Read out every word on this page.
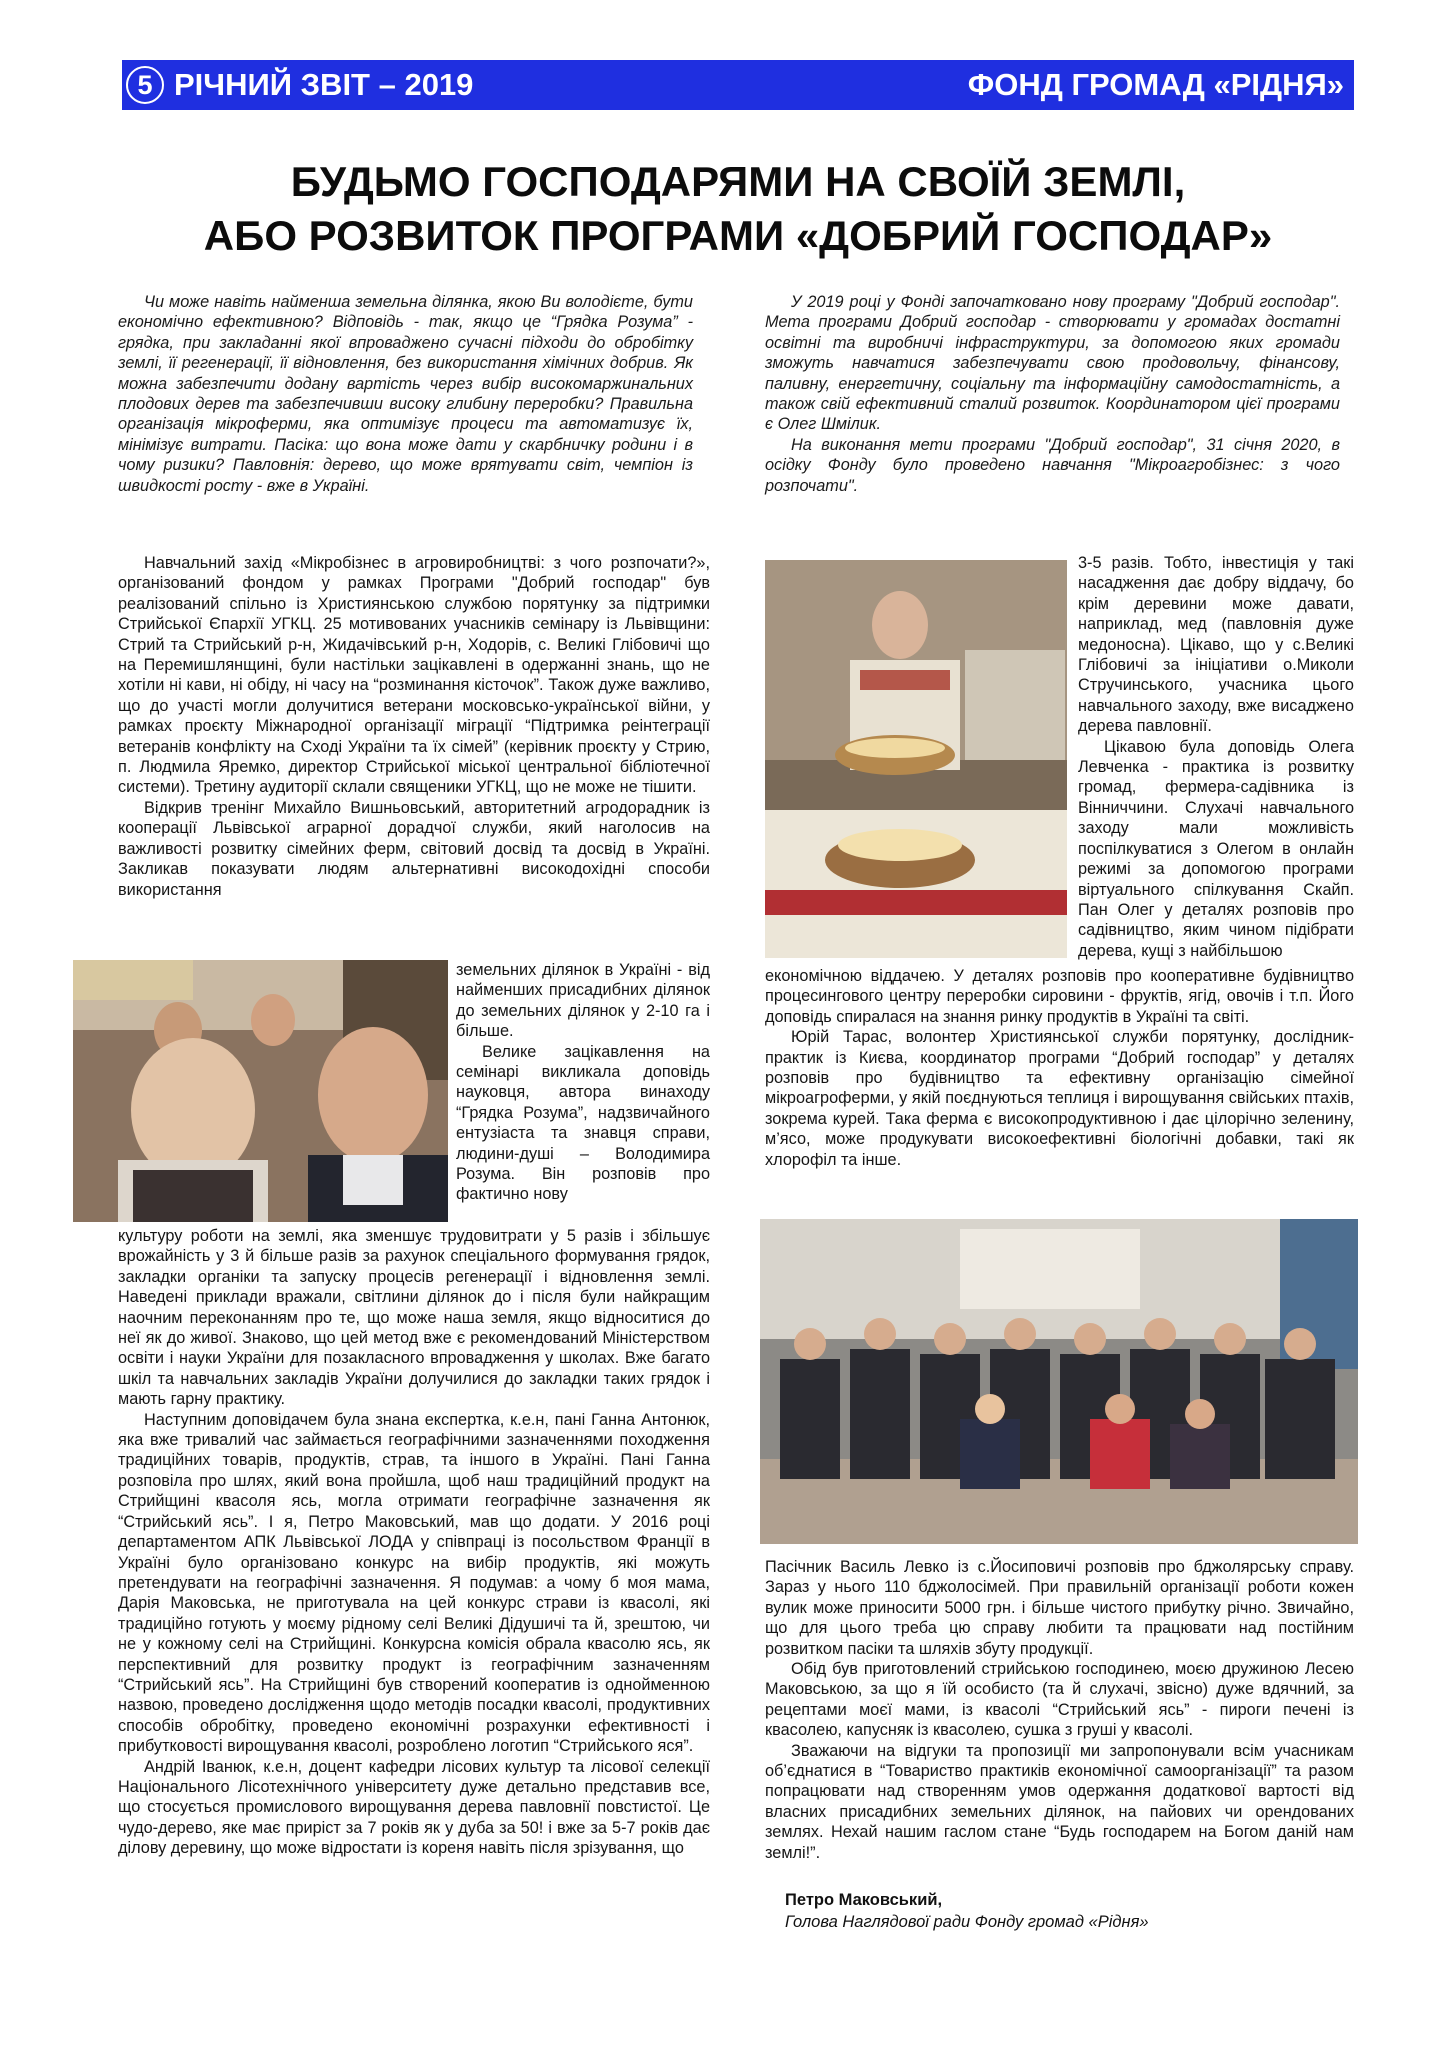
5 РІЧНИЙ ЗВІТ – 2019	ФОНД ГРОМАД «РІДНЯ»
БУДЬМО ГОСПОДАРЯМИ НА СВОЇЙ ЗЕМЛІ,
АБО РОЗВИТОК ПРОГРАМИ «ДОБРИЙ ГОСПОДАР»

Чи може навіть найменша земельна ділянка, якою Ви володієте, бути економічно ефективною? Відповідь - так, якщо це “Грядка Розума” - грядка, при закладанні якої впроваджено сучасні підходи до обробітку землі, її регенерації, її відновлення, без використання хімічних добрив. Як можна забезпечити додану вартість через вибір високомаржинальних плодових дерев та забезпечивши високу глибину переробки? Правильна організація мікроферми, яка оптимізує процеси та автоматизує їх, мінімізує витрати. Пасіка: що вона може дати у скарбничку родини і в чому ризики? Павловнія: дерево, що може врятувати світ, чемпіон із швидкості росту - вже в Україні.

У 2019 році у Фонді започатковано нову програму "Добрий господар". Мета програми Добрий господар - створювати у громадах достатні освітні та виробничі інфраструктури, за допомогою яких громади зможуть навчатися забезпечувати свою продовольчу, фінансову, паливну, енергетичну, соціальну та інформаційну самодостатність, а також свій ефективний сталий розвиток. Координатором цієї програми є Олег Шмілик.

На виконання мети програми "Добрий господар", 31 січня 2020, в осідку Фонду було проведено навчання "Мікроагробізнес: з чого розпочати".

Навчальний захід «Мікробізнес в агровиробництві: з чого розпочати?», організований фондом у рамках Програми "Добрий господар" був реалізований спільно із Християнською службою порятунку за підтримки Стрийської Єпархії УГКЦ. 25 мотивованих учасників семінару із Львівщини: Стрий та Стрийський р-н, Жидачівський р-н, Ходорів, с. Великі Глібовичі що на Перемишлянщині, були настільки зацікавлені в одержанні знань, що не хотіли ні кави, ні обіду, ні часу на “розминання кісточок”. Також дуже важливо, що до участі могли долучитися ветерани московсько-української війни, у рамках проєкту Міжнародної організації міграції “Підтримка реінтеграції ветеранів конфлікту на Сході України та їх сімей” (керівник проєкту у Стрию, п. Людмила Яремко, директор Стрийської міської центральної бібліотечної системи). Третину аудиторії склали священики УГКЦ, що не може не тішити.

Відкрив тренінг Михайло Вишньовський, авторитетний агродорадник із кооперації Львівської аграрної дорадчої служби, який наголосив на важливості розвитку сімейних ферм, світовий досвід та досвід в Україні. Закликав показувати людям альтернативні високодохідні способи використання

земельних ділянок в Україні - від найменших присадибних ділянок до земельних ділянок у 2-10 га і більше.

Велике зацікавлення на семінарі викликала доповідь науковця, автора винаходу “Грядка Розума”, надзвичайного ентузіаста та знавця справи, людини-душі – Володимира Розума. Він розповів про фактично нову

культуру роботи на землі, яка зменшує трудовитрати у 5 разів і збільшує врожайність у 3 й більше разів за рахунок спеціального формування грядок, закладки органіки та запуску процесів регенерації і відновлення землі. Наведені приклади вражали, світлини ділянок до і після були найкращим наочним переконанням про те, що може наша земля, якщо відноситися до неї як до живої. Знаково, що цей метод вже є рекомендований Міністерством освіти і науки України для позакласного впровадження у школах. Вже багато шкіл та навчальних закладів України долучилися до закладки таких грядок і мають гарну практику.

Наступним доповідачем була знана експертка, к.е.н, пані Ганна Антонюк, яка вже тривалий час займається географічними зазначеннями походження традиційних товарів, продуктів, страв, та іншого в Україні. Пані Ганна розповіла про шлях, який вона пройшла, щоб наш традиційний продукт на Стрийщині квасоля ясь, могла отримати географічне зазначення як “Стрийський ясь”. І я, Петро Маковський, мав що додати. У 2016 році департаментом АПК Львівської ЛОДА у співпраці із посольством Франції в Україні було організовано конкурс на вибір продуктів, які можуть претендувати на географічні зазначення. Я подумав: а чому б моя мама, Дарія Маковська, не приготувала на цей конкурс страви із квасолі, які традиційно готують у моєму рідному селі Великі Дідушичі та й, зрештою, чи не у кожному селі на Стрийщині. Конкурсна комісія обрала квасолю ясь, як перспективний для розвитку продукт із географічним зазначенням “Стрийський ясь”. На Стрийщині був створений кооператив із однойменною назвою, проведено дослідження щодо методів посадки квасолі, продуктивних способів обробітку, проведено економічні розрахунки ефективності і прибутковості вирощування квасолі, розроблено логотип “Стрийського яся”.

Андрій Іванюк, к.е.н, доцент кафедри лісових культур та лісової селекції Національного Лісотехнічного університету дуже детально представив все, що стосується промислового вирощування дерева павловнії повстистої. Це чудо-дерево, яке має приріст за 7 років як у дуба за 50! і вже за 5-7 років дає ділову деревину, що може відростати із кореня навіть після зрізування, що

3-5 разів. Тобто, інвестиція у такі насадження дає добру віддачу, бо крім деревини може давати, наприклад, мед (павловнія дуже медоносна). Цікаво, що у с.Великі Глібовичі за ініціативи о.Миколи Стручинського, учасника цього навчального заходу, вже висаджено дерева павловнії.

Цікавою була доповідь Олега Левченка - практика із розвитку громад, фермера-садівника із Вінниччини. Слухачі навчального заходу мали можливість поспілкуватися з Олегом в онлайн режимі за допомогою програми віртуального спілкування Скайп. Пан Олег у деталях розповів про садівництво, яким чином підібрати дерева, кущі з найбільшою

економічною віддачею. У деталях розповів про кооперативне будівництво процесингового центру переробки сировини - фруктів, ягід, овочів і т.п. Його доповідь спиралася на знання ринку продуктів в Україні та світі.

Юрій Тарас, волонтер Християнської служби порятунку, дослідник-практик із Києва, координатор програми “Добрий господар” у деталях розповів про будівництво та ефективну організацію сімейної мікроагроферми, у якій поєднуються теплиця і вирощування свійських птахів, зокрема курей. Така ферма є високопродуктивною і дає цілорічно зеленину, м’ясо, може продукувати високоефективні біологічні добавки, такі як хлорофіл та інше.

Пасічник Василь Левко із с.Йосиповичі розповів про бджолярську справу. Зараз у нього 110 бджолосімей. При правильній організації роботи кожен вулик може приносити 5000 грн. і більше чистого прибутку річно. Звичайно, що для цього треба цю справу любити та працювати над постійним розвитком пасіки та шляхів збуту продукції.

Обід був приготовлений стрийською господинею, моєю дружиною Лесею Маковською, за що я їй особисто (та й слухачі, звісно) дуже вдячний, за рецептами моєї мами, із квасолі “Стрийський ясь” - пироги печені із квасолею, капусняк із квасолею, сушка з груші у квасолі.

Зважаючи на відгуки та пропозиції ми запропонували всім учасникам об’єднатися в “Товариство практиків економічної самоорганізації” та разом попрацювати над створенням умов одержання додаткової вартості від власних присадибних земельних ділянок, на пайових чи орендованих землях. Нехай нашим гаслом стане “Будь господарем на Богом даній нам землі!”.

Петро Маковський,
Голова Наглядової ради Фонду громад «Рідня»
